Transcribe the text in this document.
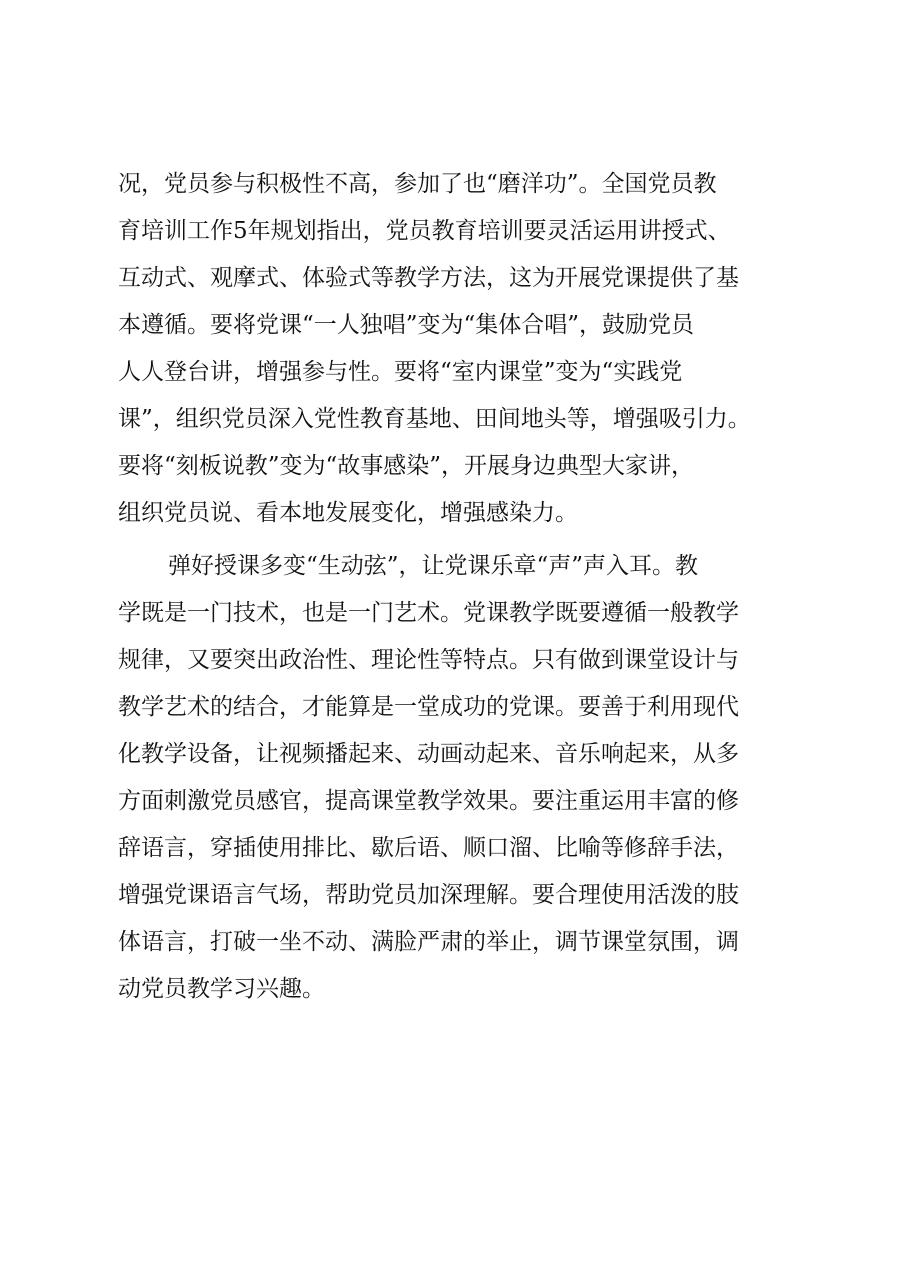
况，党员参与积极性不高，参加了也“磨洋功”。全国党员教
育培训工作5年规划指出，党员教育培训要灵活运用讲授式、
互动式、观摩式、体验式等教学方法，这为开展党课提供了基
本遵循。要将党课“一人独唱”变为“集体合唱”，鼓励党员
人人登台讲，增强参与性。要将“室内课堂”变为“实践党
课”，组织党员深入党性教育基地、田间地头等，增强吸引力。
要将“刻板说教”变为“故事感染”，开展身边典型大家讲，
组织党员说、看本地发展变化，增强感染力。
弹好授课多变“生动弦”，让党课乐章“声”声入耳。教
学既是一门技术，也是一门艺术。党课教学既要遵循一般教学
规律，又要突出政治性、理论性等特点。只有做到课堂设计与
教学艺术的结合，才能算是一堂成功的党课。要善于利用现代
化教学设备，让视频播起来、动画动起来、音乐响起来，从多
方面刺激党员感官，提高课堂教学效果。要注重运用丰富的修
辞语言，穿插使用排比、歇后语、顺口溜、比喻等修辞手法，
增强党课语言气场，帮助党员加深理解。要合理使用活泼的肢
体语言，打破一坐不动、满脸严肃的举止，调节课堂氛围，调
动党员教学习兴趣。
